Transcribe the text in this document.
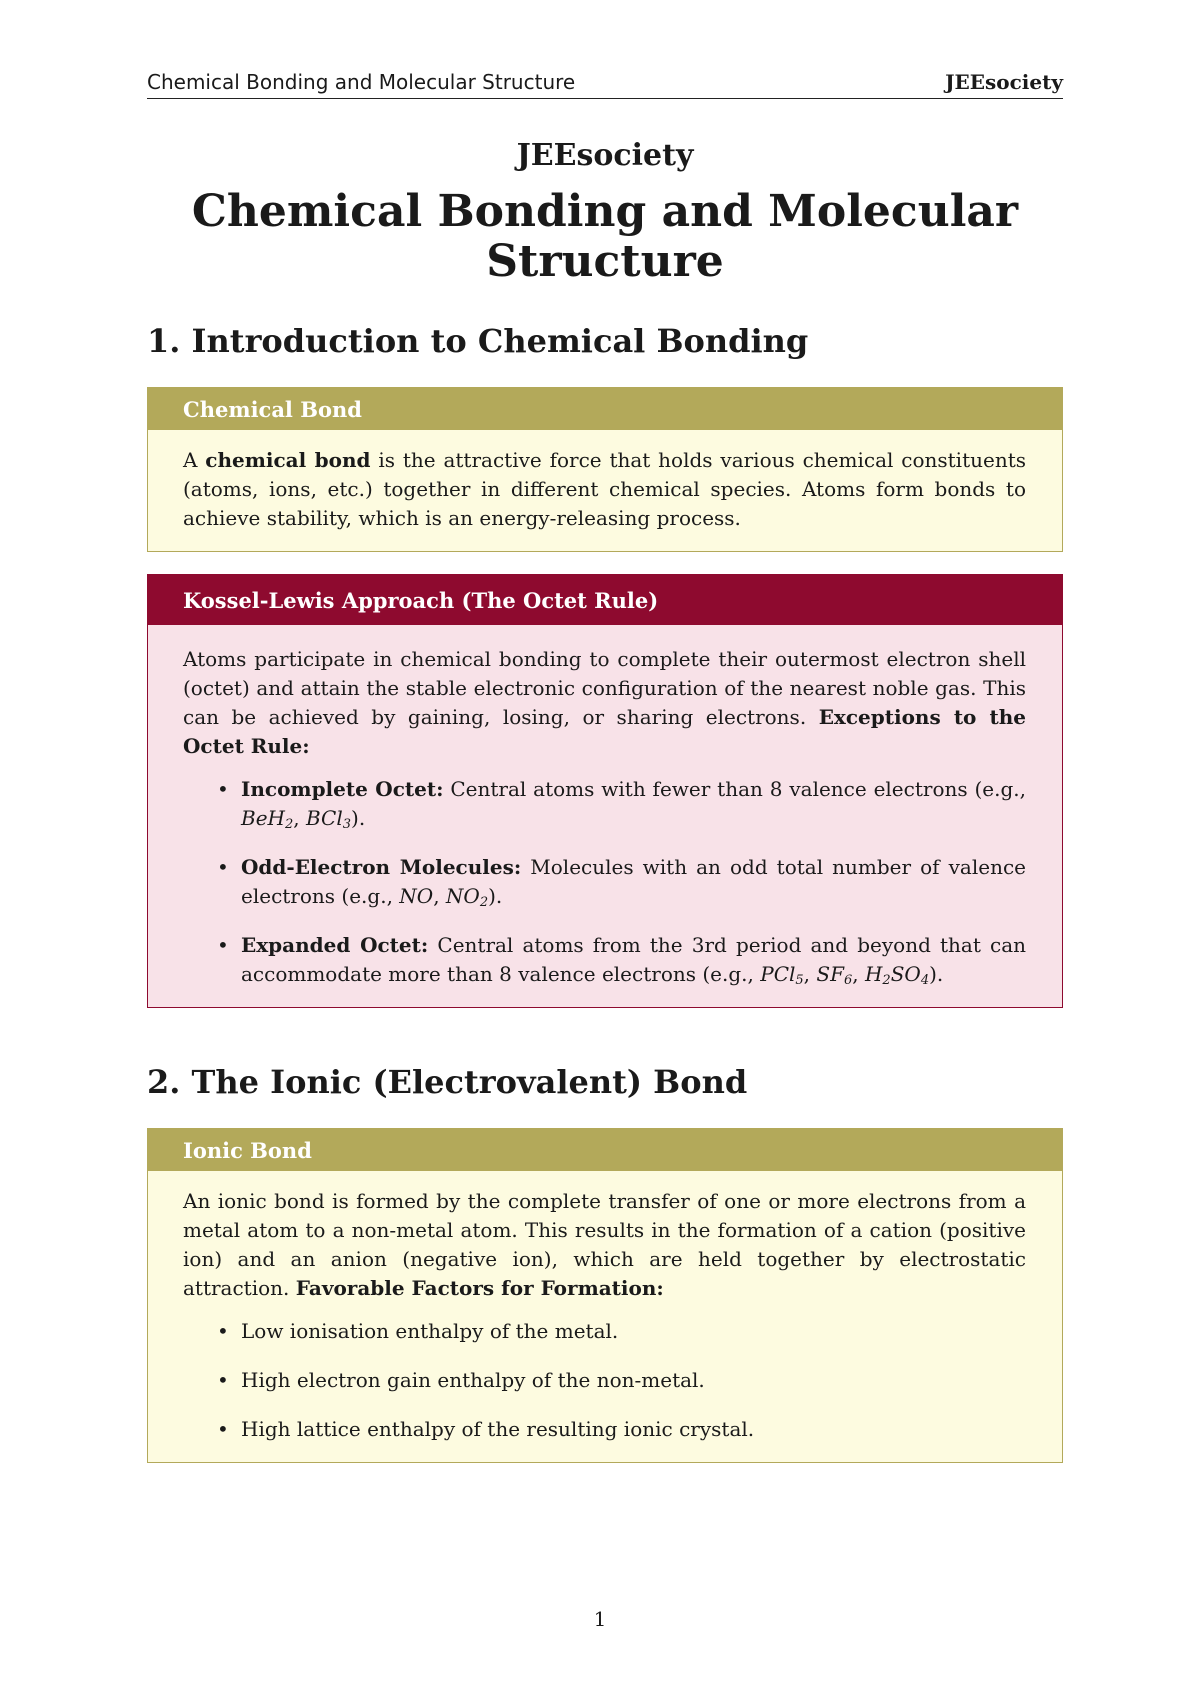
Chemical Bonding and Molecular Structure	JEEsociety

JEEsociety

Chemical Bonding and Molecular
Structure
1. Introduction to Chemical Bonding
Chemical Bond
A chemical bond is the attractive force that holds various chemical constituents (atoms, ions, etc.) together in different chemical species. Atoms form bonds to achieve stability, which is an energy-releasing process.
Kossel-Lewis Approach (The Octet Rule)
Atoms participate in chemical bonding to complete their outermost electron shell (octet) and attain the stable electronic configuration of the nearest noble gas. This can be achieved by gaining, losing, or sharing electrons. Exceptions to the Octet Rule:
• Incomplete Octet: Central atoms with fewer than 8 valence electrons (e.g., BeH$_2$, BCl$_3$).
• Odd-Electron Molecules: Molecules with an odd total number of valence electrons (e.g., NO, $NO_2$).
• Expanded Octet: Central atoms from the 3rd period and beyond that can accommodate more than 8 valence electrons (e.g., PCl$_5$, $SF_6$, $H_2SO_4$).
2. The Ionic (Electrovalent) Bond
Ionic Bond
An ionic bond is formed by the complete transfer of one or more electrons from a metal atom to a non-metal atom. This results in the formation of a cation (positive ion) and an anion (negative ion), which are held together by electrostatic attraction. Favorable Factors for Formation:
• Low ionisation enthalpy of the metal.
• High electron gain enthalpy of the non-metal.
• High lattice enthalpy of the resulting ionic crystal.
1
